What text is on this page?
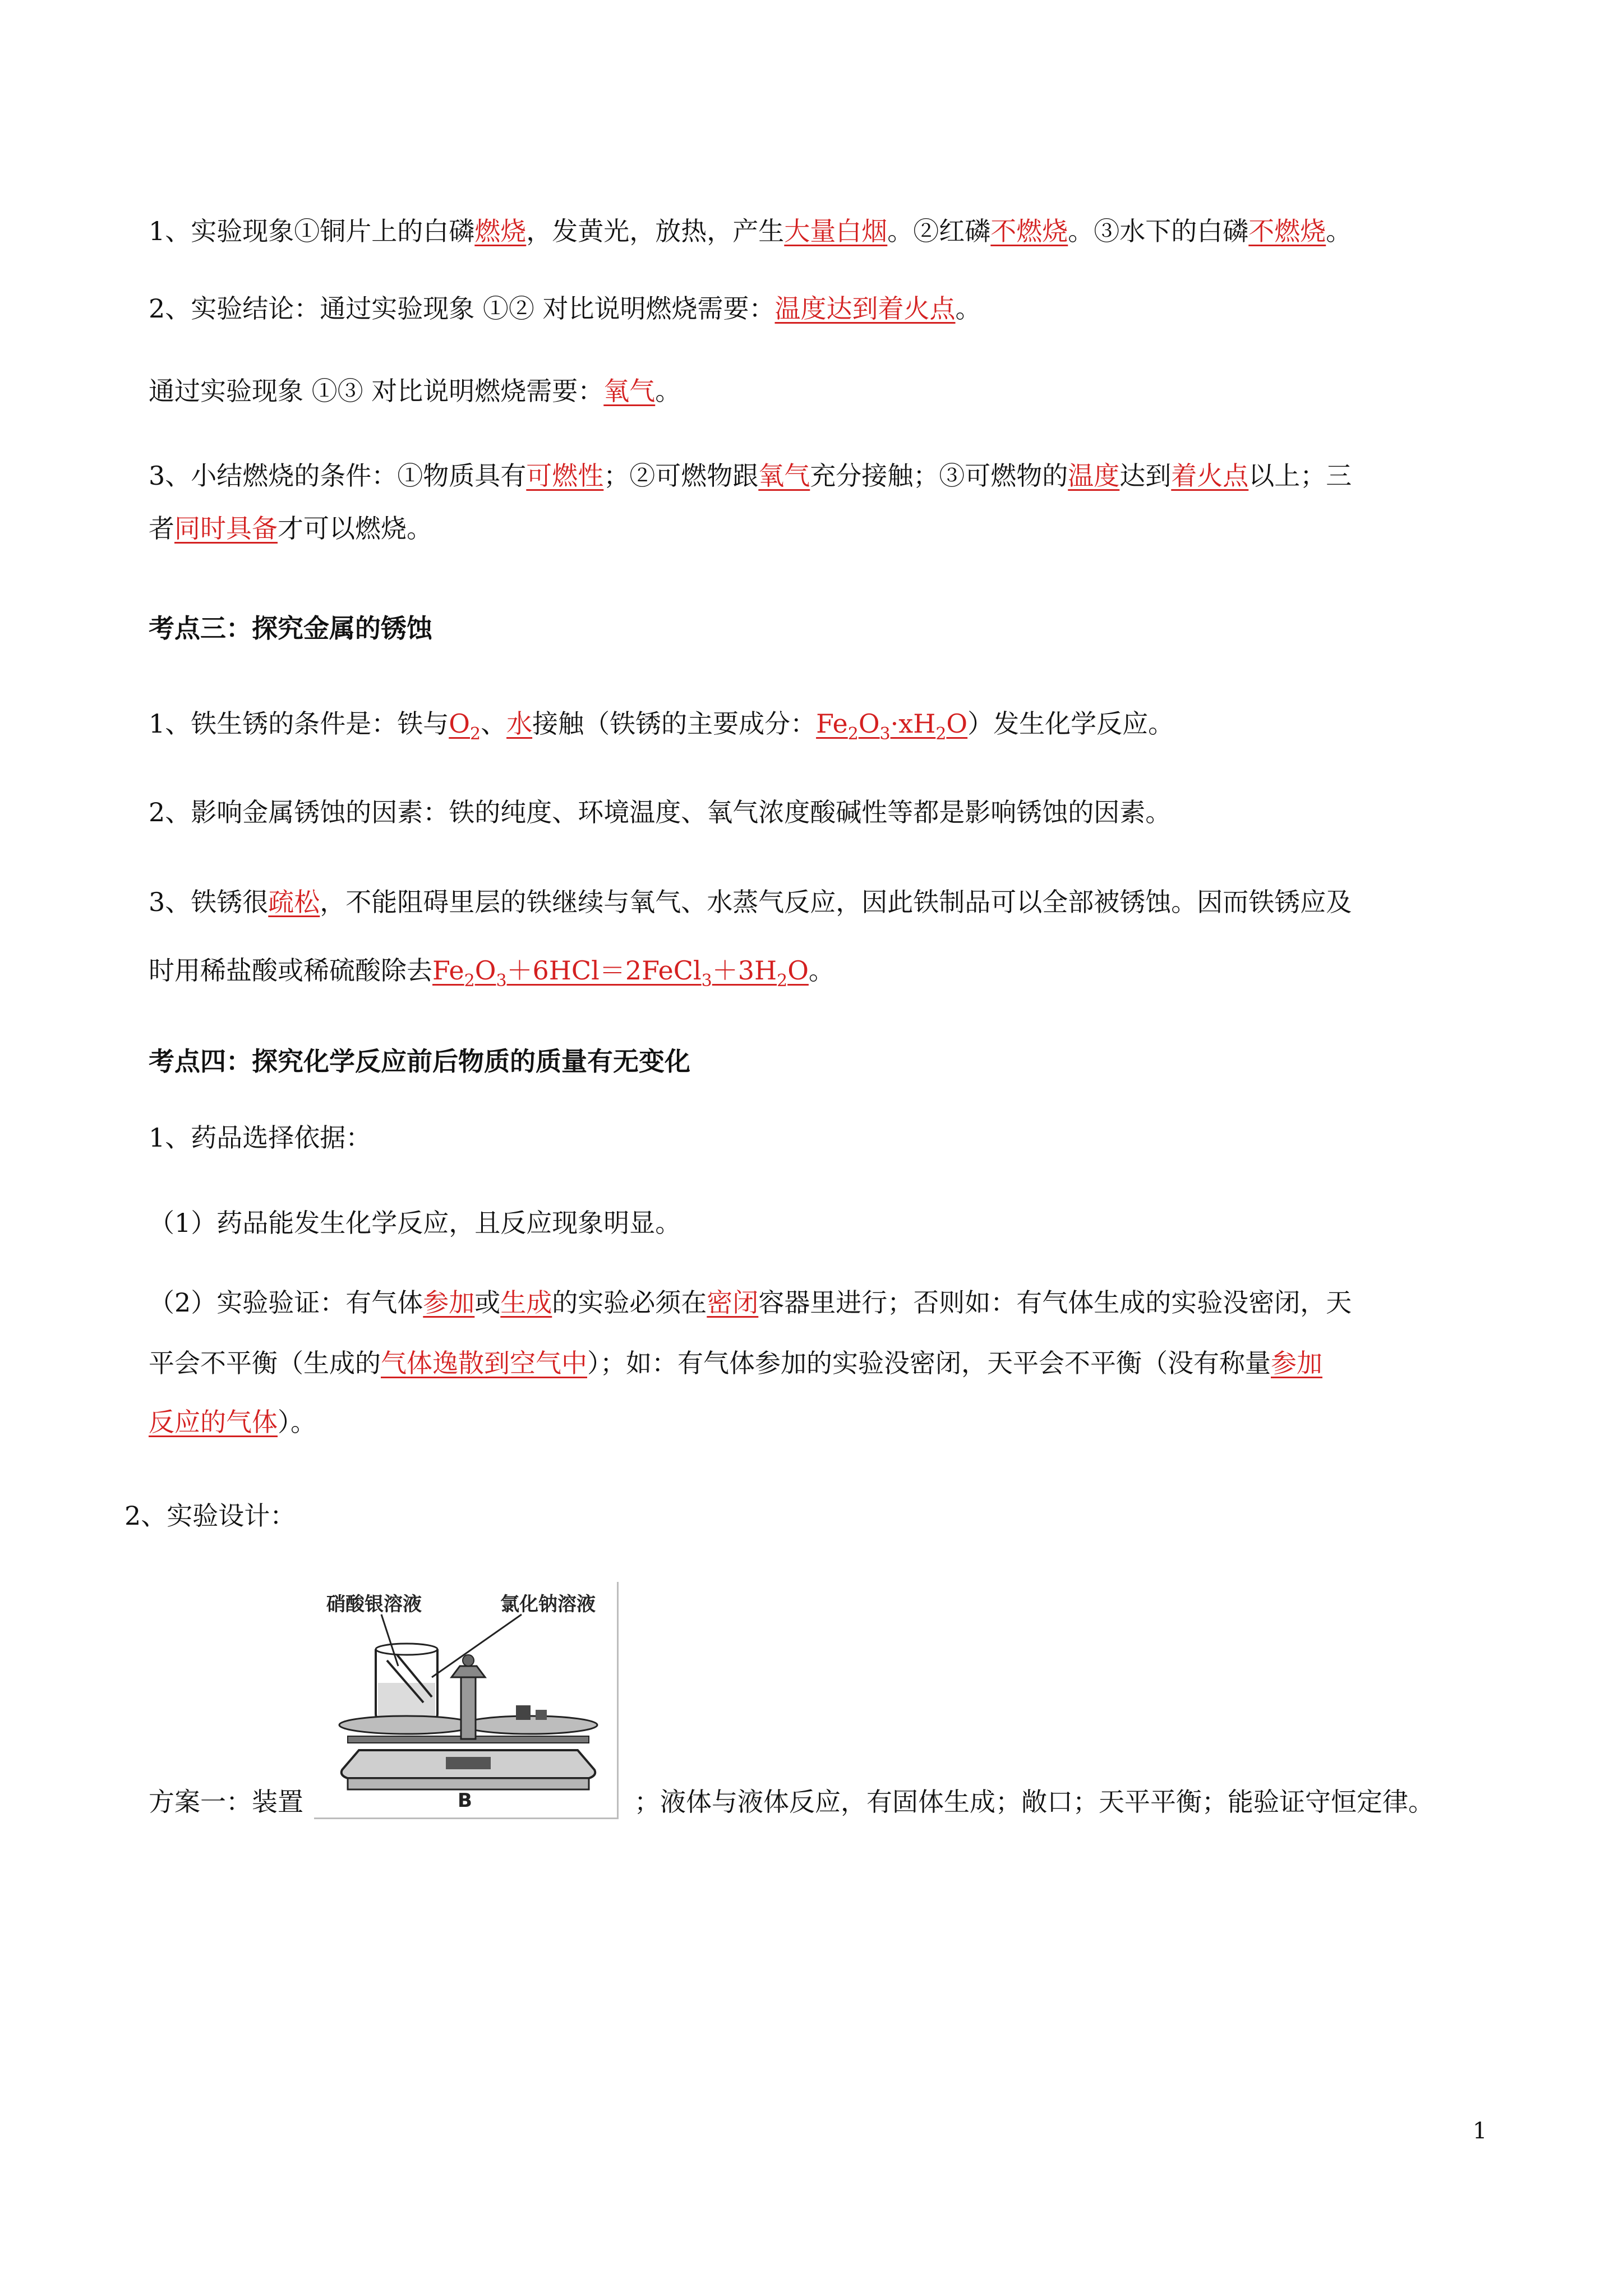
1、实验现象①铜片上的白磷燃烧，发黄光，放热，产生大量白烟。②红磷不燃烧。③水下的白磷不燃烧。
2、实验结论：通过实验现象 ①② 对比说明燃烧需要：温度达到着火点。
通过实验现象 ①③ 对比说明燃烧需要：氧气。
3、小结燃烧的条件：①物质具有可燃性；②可燃物跟氧气充分接触；③可燃物的温度达到着火点以上；三
者同时具备才可以燃烧。
考点三：探究金属的锈蚀
1、铁生锈的条件是：铁与$O_2$、水接触（铁锈的主要成分：$Fe_2O_3\cdot xH_2O$）发生化学反应。
2、影响金属锈蚀的因素：铁的纯度、环境温度、氧气浓度酸碱性等都是影响锈蚀的因素。
3、铁锈很疏松，不能阻碍里层的铁继续与氧气、水蒸气反应，因此铁制品可以全部被锈蚀。因而铁锈应及
时用稀盐酸或稀硫酸除去$Fe_2O_3+6HCl=2FeCl_3+3H_2O$。
考点四：探究化学反应前后物质的质量有无变化
1、药品选择依据：
（1）药品能发生化学反应，且反应现象明显。
（2）实验验证：有气体参加或生成的实验必须在密闭容器里进行；否则如：有气体生成的实验没密闭，天
平会不平衡（生成的气体逸散到空气中）；如：有气体参加的实验没密闭，天平会不平衡（没有称量参加
反应的气体）。
2、实验设计：
硝酸银溶液	氯化钠溶液
B
方案一：装置	；液体与液体反应，有固体生成；敞口；天平平衡；能验证守恒定律。
1
